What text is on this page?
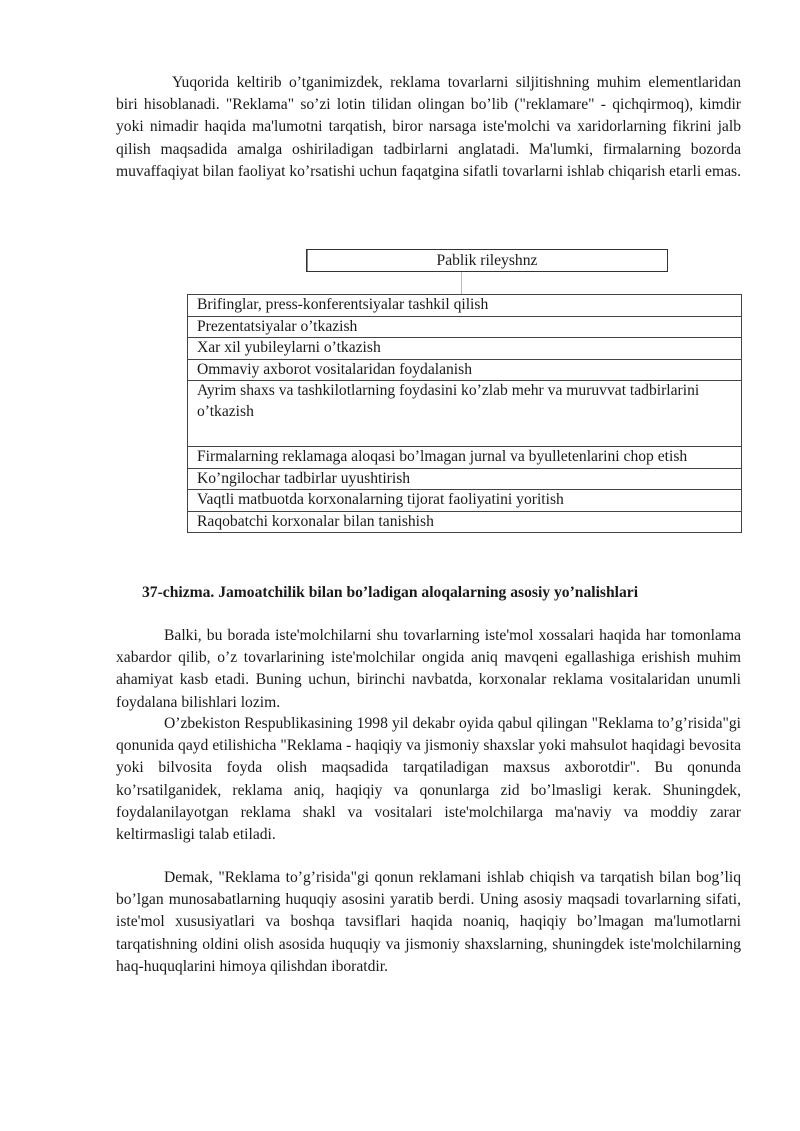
Yuqorida keltirib o’tganimizdek, reklama tovarlarni siljitishning muhim elementlaridan biri hisoblanadi. "Reklama" so’zi lotin tilidan olingan bo’lib ("reklamare" - qichqirmoq), kimdir yoki nimadir haqida ma'lumotni tarqatish, biror narsaga iste'molchi va xaridorlarning fikrini jalb qilish maqsadida amalga oshiriladigan tadbirlarni anglatadi. Ma'lumki, firmalarning bozorda muvaffaqiyat bilan faoliyat ko’rsatishi uchun faqatgina sifatli tovarlarni ishlab chiqarish etarli emas.

Pablik rileyshnz
Brifinglar, press-konferentsiyalar tashkil qilish
Prezentatsiyalar o’tkazish
Xar xil yubileylarni o’tkazish
Ommaviy axborot vositalaridan foydalanish
Ayrim shaxs va tashkilotlarning foydasini ko’zlab mehr va muruvvat tadbirlarini o’tkazish
Firmalarning reklamaga aloqasi bo’lmagan jurnal va byulletenlarini chop etish
Ko’ngilochar tadbirlar uyushtirish
Vaqtli matbuotda korxonalarning tijorat faoliyatini yoritish
Raqobatchi korxonalar bilan tanishish

37-chizma. Jamoatchilik bilan bo’ladigan aloqalarning asosiy yo’nalishlari

Balki, bu borada iste'molchilarni shu tovarlarning iste'mol xossalari haqida har tomonlama xabardor qilib, o’z tovarlarining iste'molchilar ongida aniq mavqeni egallashiga erishish muhim ahamiyat kasb etadi. Buning uchun, birinchi navbatda, korxonalar reklama vositalaridan unumli foydalana bilishlari lozim.

O’zbekiston Respublikasining 1998 yil dekabr oyida qabul qilingan "Reklama to’g’risida"gi qonunida qayd etilishicha "Reklama - haqiqiy va jismoniy shaxslar yoki mahsulot haqidagi bevosita yoki bilvosita foyda olish maqsadida tarqatiladigan maxsus axborotdir". Bu qonunda ko’rsatilganidek, reklama aniq, haqiqiy va qonunlarga zid bo’lmasligi kerak. Shuningdek, foydalanilayotgan reklama shakl va vositalari iste'molchilarga ma'naviy va moddiy zarar keltirmasligi talab etiladi.

Demak, "Reklama to’g’risida"gi qonun reklamani ishlab chiqish va tarqatish bilan bog’liq bo’lgan munosabatlarning huquqiy asosini yaratib berdi. Uning asosiy maqsadi tovarlarning sifati, iste'mol xususiyatlari va boshqa tavsiflari haqida noaniq, haqiqiy bo’lmagan ma'lumotlarni tarqatishning oldini olish asosida huquqiy va jismoniy shaxslarning, shuningdek iste'molchilarning haq-huquqlarini himoya qilishdan iboratdir.
